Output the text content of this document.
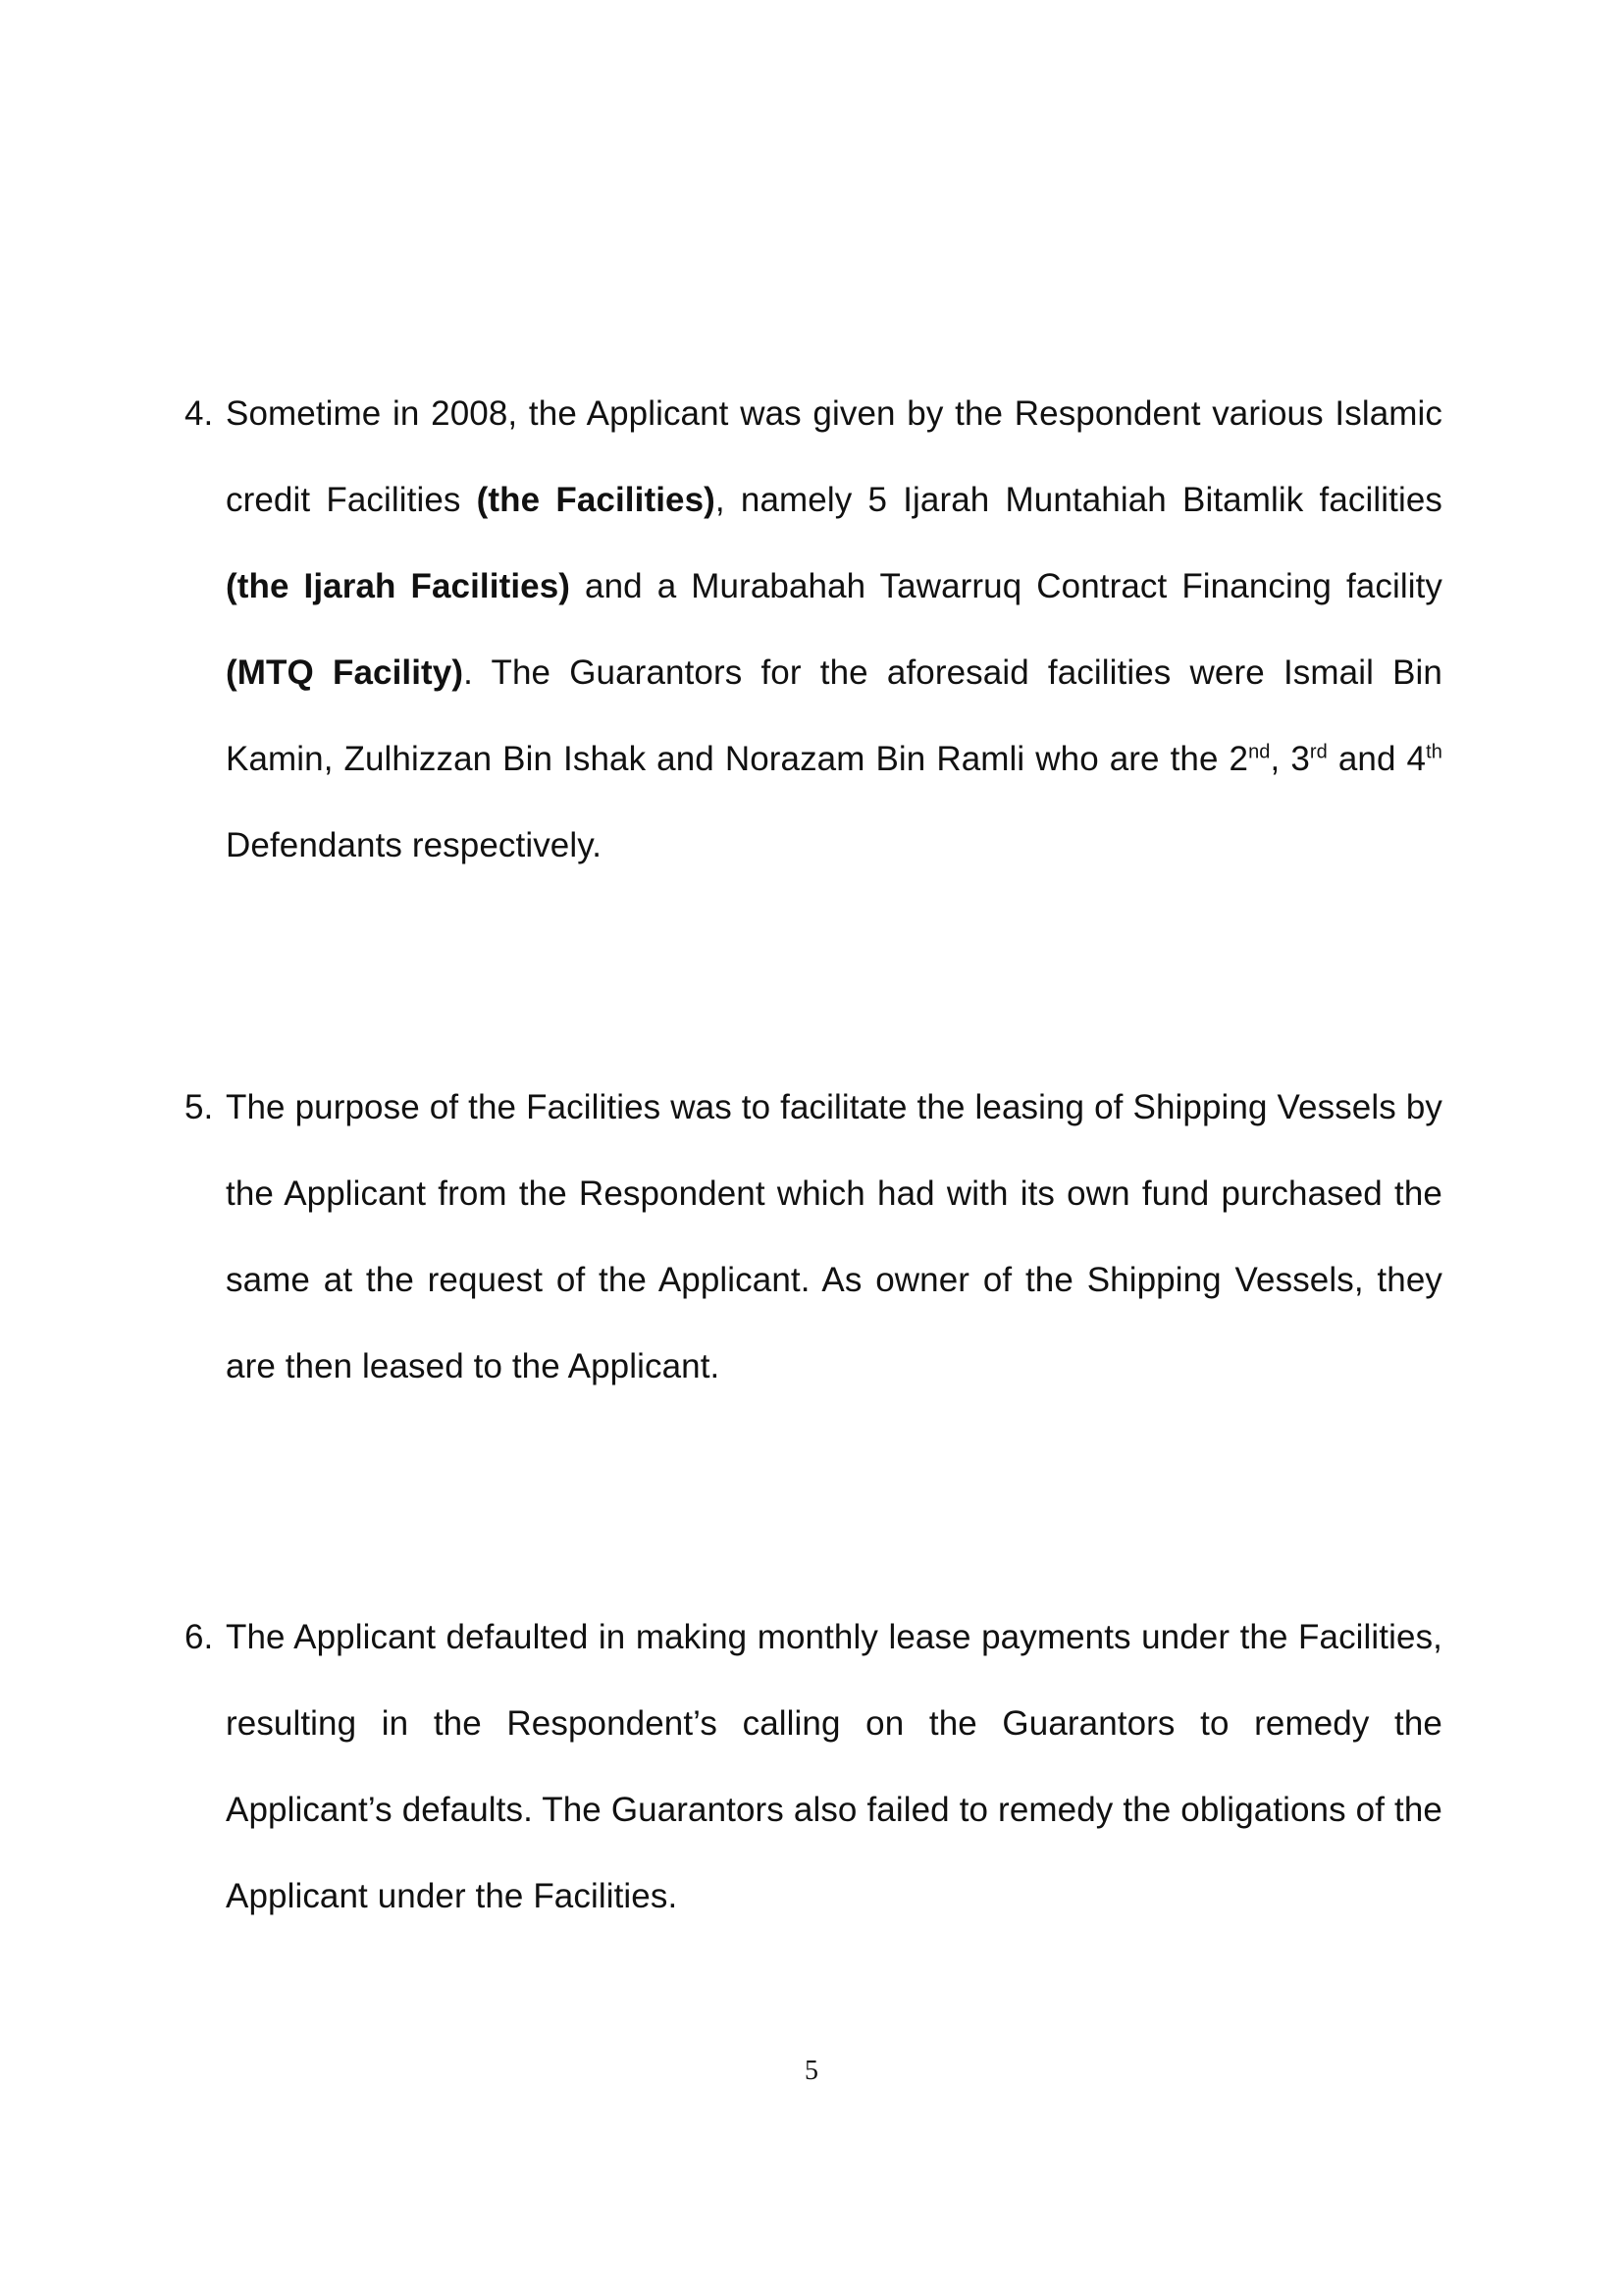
4. Sometime in 2008, the Applicant was given by the Respondent various Islamic credit Facilities (the Facilities), namely 5 Ijarah Muntahiah Bitamlik facilities (the Ijarah Facilities) and a Murabahah Tawarruq Contract Financing facility (MTQ Facility). The Guarantors for the aforesaid facilities were Ismail Bin Kamin, Zulhizzan Bin Ishak and Norazam Bin Ramli who are the 2nd, 3rd and 4th Defendants respectively.

5. The purpose of the Facilities was to facilitate the leasing of Shipping Vessels by the Applicant from the Respondent which had with its own fund purchased the same at the request of the Applicant. As owner of the Shipping Vessels, they are then leased to the Applicant.

6. The Applicant defaulted in making monthly lease payments under the Facilities, resulting in the Respondent’s calling on the Guarantors to remedy the Applicant’s defaults. The Guarantors also failed to remedy the obligations of the Applicant under the Facilities.

5
